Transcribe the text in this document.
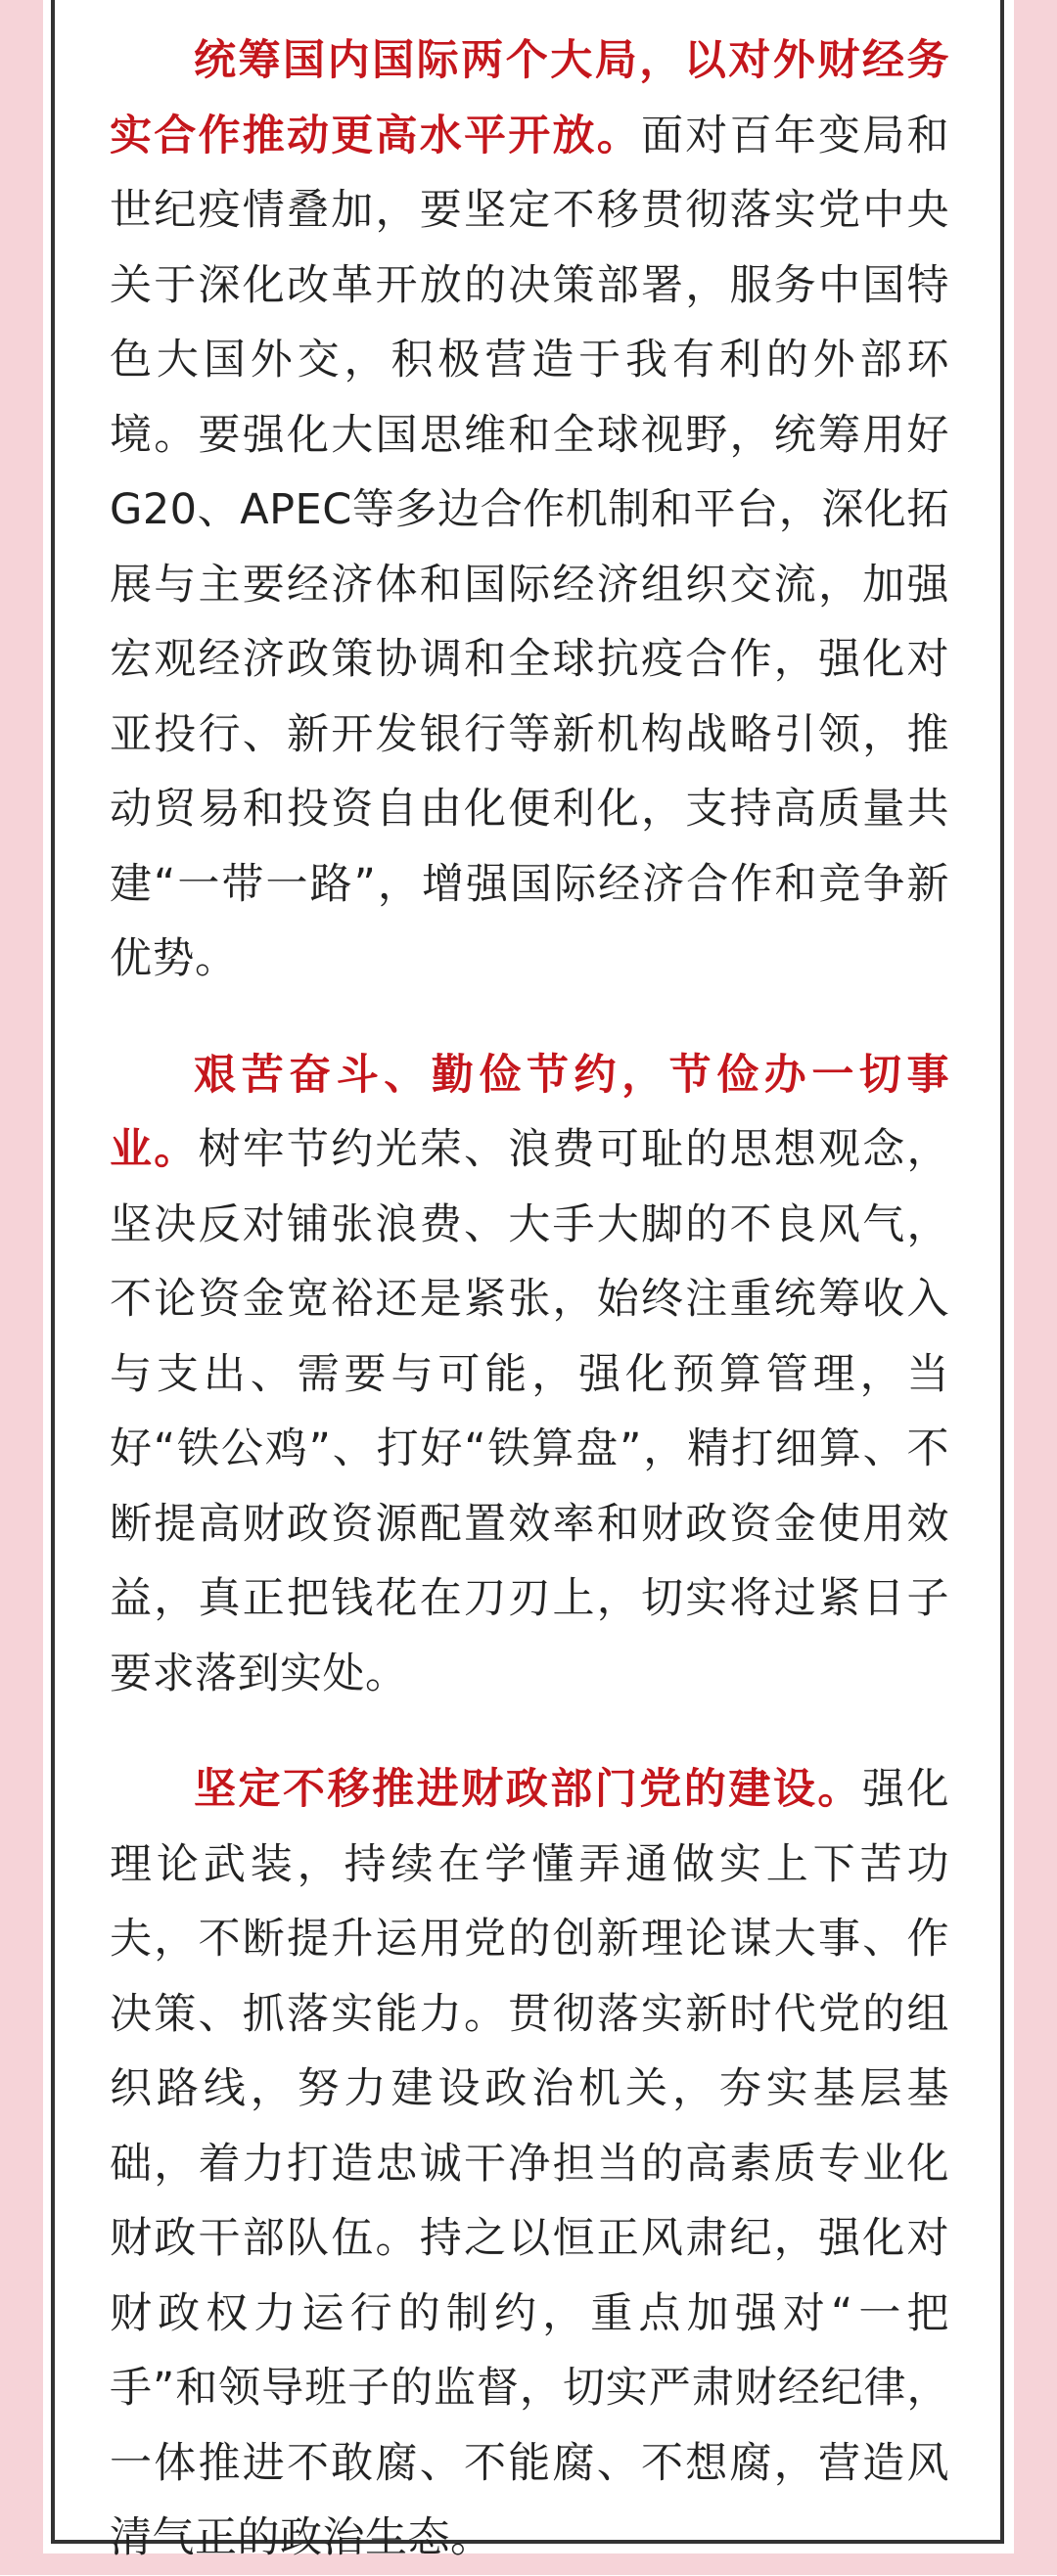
统筹国内国际两个大局，以对外财经务实合作推动更高水平开放。面对百年变局和世纪疫情叠加，要坚定不移贯彻落实党中央关于深化改革开放的决策部署，服务中国特色大国外交，积极营造于我有利的外部环境。要强化大国思维和全球视野，统筹用好G20、APEC等多边合作机制和平台，深化拓展与主要经济体和国际经济组织交流，加强宏观经济政策协调和全球抗疫合作，强化对亚投行、新开发银行等新机构战略引领，推动贸易和投资自由化便利化，支持高质量共建“一带一路”，增强国际经济合作和竞争新优势。

艰苦奋斗、勤俭节约，节俭办一切事业。树牢节约光荣、浪费可耻的思想观念，坚决反对铺张浪费、大手大脚的不良风气，不论资金宽裕还是紧张，始终注重统筹收入与支出、需要与可能，强化预算管理，当好“铁公鸡”、打好“铁算盘”，精打细算、不断提高财政资源配置效率和财政资金使用效益，真正把钱花在刀刃上，切实将过紧日子要求落到实处。

坚定不移推进财政部门党的建设。强化理论武装，持续在学懂弄通做实上下苦功夫，不断提升运用党的创新理论谋大事、作决策、抓落实能力。贯彻落实新时代党的组织路线，努力建设政治机关，夯实基层基础，着力打造忠诚干净担当的高素质专业化财政干部队伍。持之以恒正风肃纪，强化对财政权力运行的制约，重点加强对“一把手”和领导班子的监督，切实严肃财经纪律，一体推进不敢腐、不能腐、不想腐，营造风清气正的政治生态。
